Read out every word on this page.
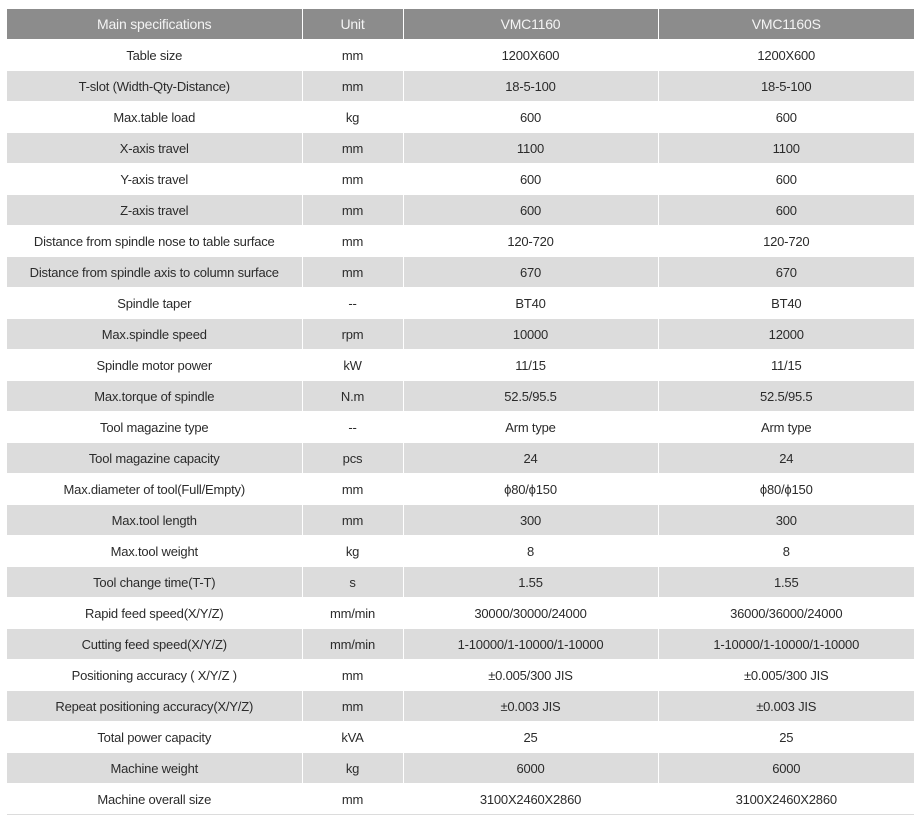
Main specifications	Unit	VMC1160	VMC1160S
Table size	mm	1200X600	1200X600
T-slot (Width-Qty-Distance)	mm	18-5-100	18-5-100
Max.table load	kg	600	600
X-axis travel	mm	1100	1100
Y-axis travel	mm	600	600
Z-axis travel	mm	600	600
Distance from spindle nose to table surface	mm	120-720	120-720
Distance from spindle axis to column surface	mm	670	670
Spindle taper	--	BT40	BT40
Max.spindle speed	rpm	10000	12000
Spindle motor power	kW	11/15	11/15
Max.torque of spindle	N.m	52.5/95.5	52.5/95.5
Tool magazine type	--	Arm type	Arm type
Tool magazine capacity	pcs	24	24
Max.diameter of tool(Full/Empty)	mm	ϕ80/ϕ150	ϕ80/ϕ150
Max.tool length	mm	300	300
Max.tool weight	kg	8	8
Tool change time(T-T)	s	1.55	1.55
Rapid feed speed(X/Y/Z)	mm/min	30000/30000/24000	36000/36000/24000
Cutting feed speed(X/Y/Z)	mm/min	1-10000/1-10000/1-10000	1-10000/1-10000/1-10000
Positioning accuracy ( X/Y/Z )	mm	±0.005/300 JIS	±0.005/300 JIS
Repeat positioning accuracy(X/Y/Z)	mm	±0.003 JIS	±0.003 JIS
Total power capacity	kVA	25	25
Machine weight	kg	6000	6000
Machine overall size	mm	3100X2460X2860	3100X2460X2860
